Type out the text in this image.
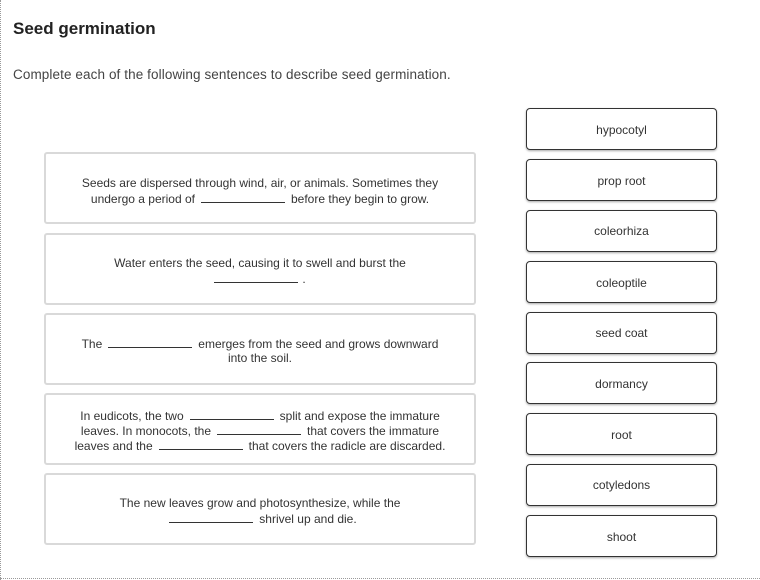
Seed germination
Complete each of the following sentences to describe seed germination.
Seeds are dispersed through wind, air, or animals. Sometimes they
undergo a period of	before they begin to grow.
Water enters the seed, causing it to swell and burst the
.
The	emerges from the seed and grows downward
into the soil.
In eudicots, the two	split and expose the immature
leaves. In monocots, the	that covers the immature
leaves and the	that covers the radicle are discarded.
The new leaves grow and photosynthesize, while the
shrivel up and die.
hypocotyl
prop root
coleorhiza
coleoptile
seed coat
dormancy
root
cotyledons
shoot
